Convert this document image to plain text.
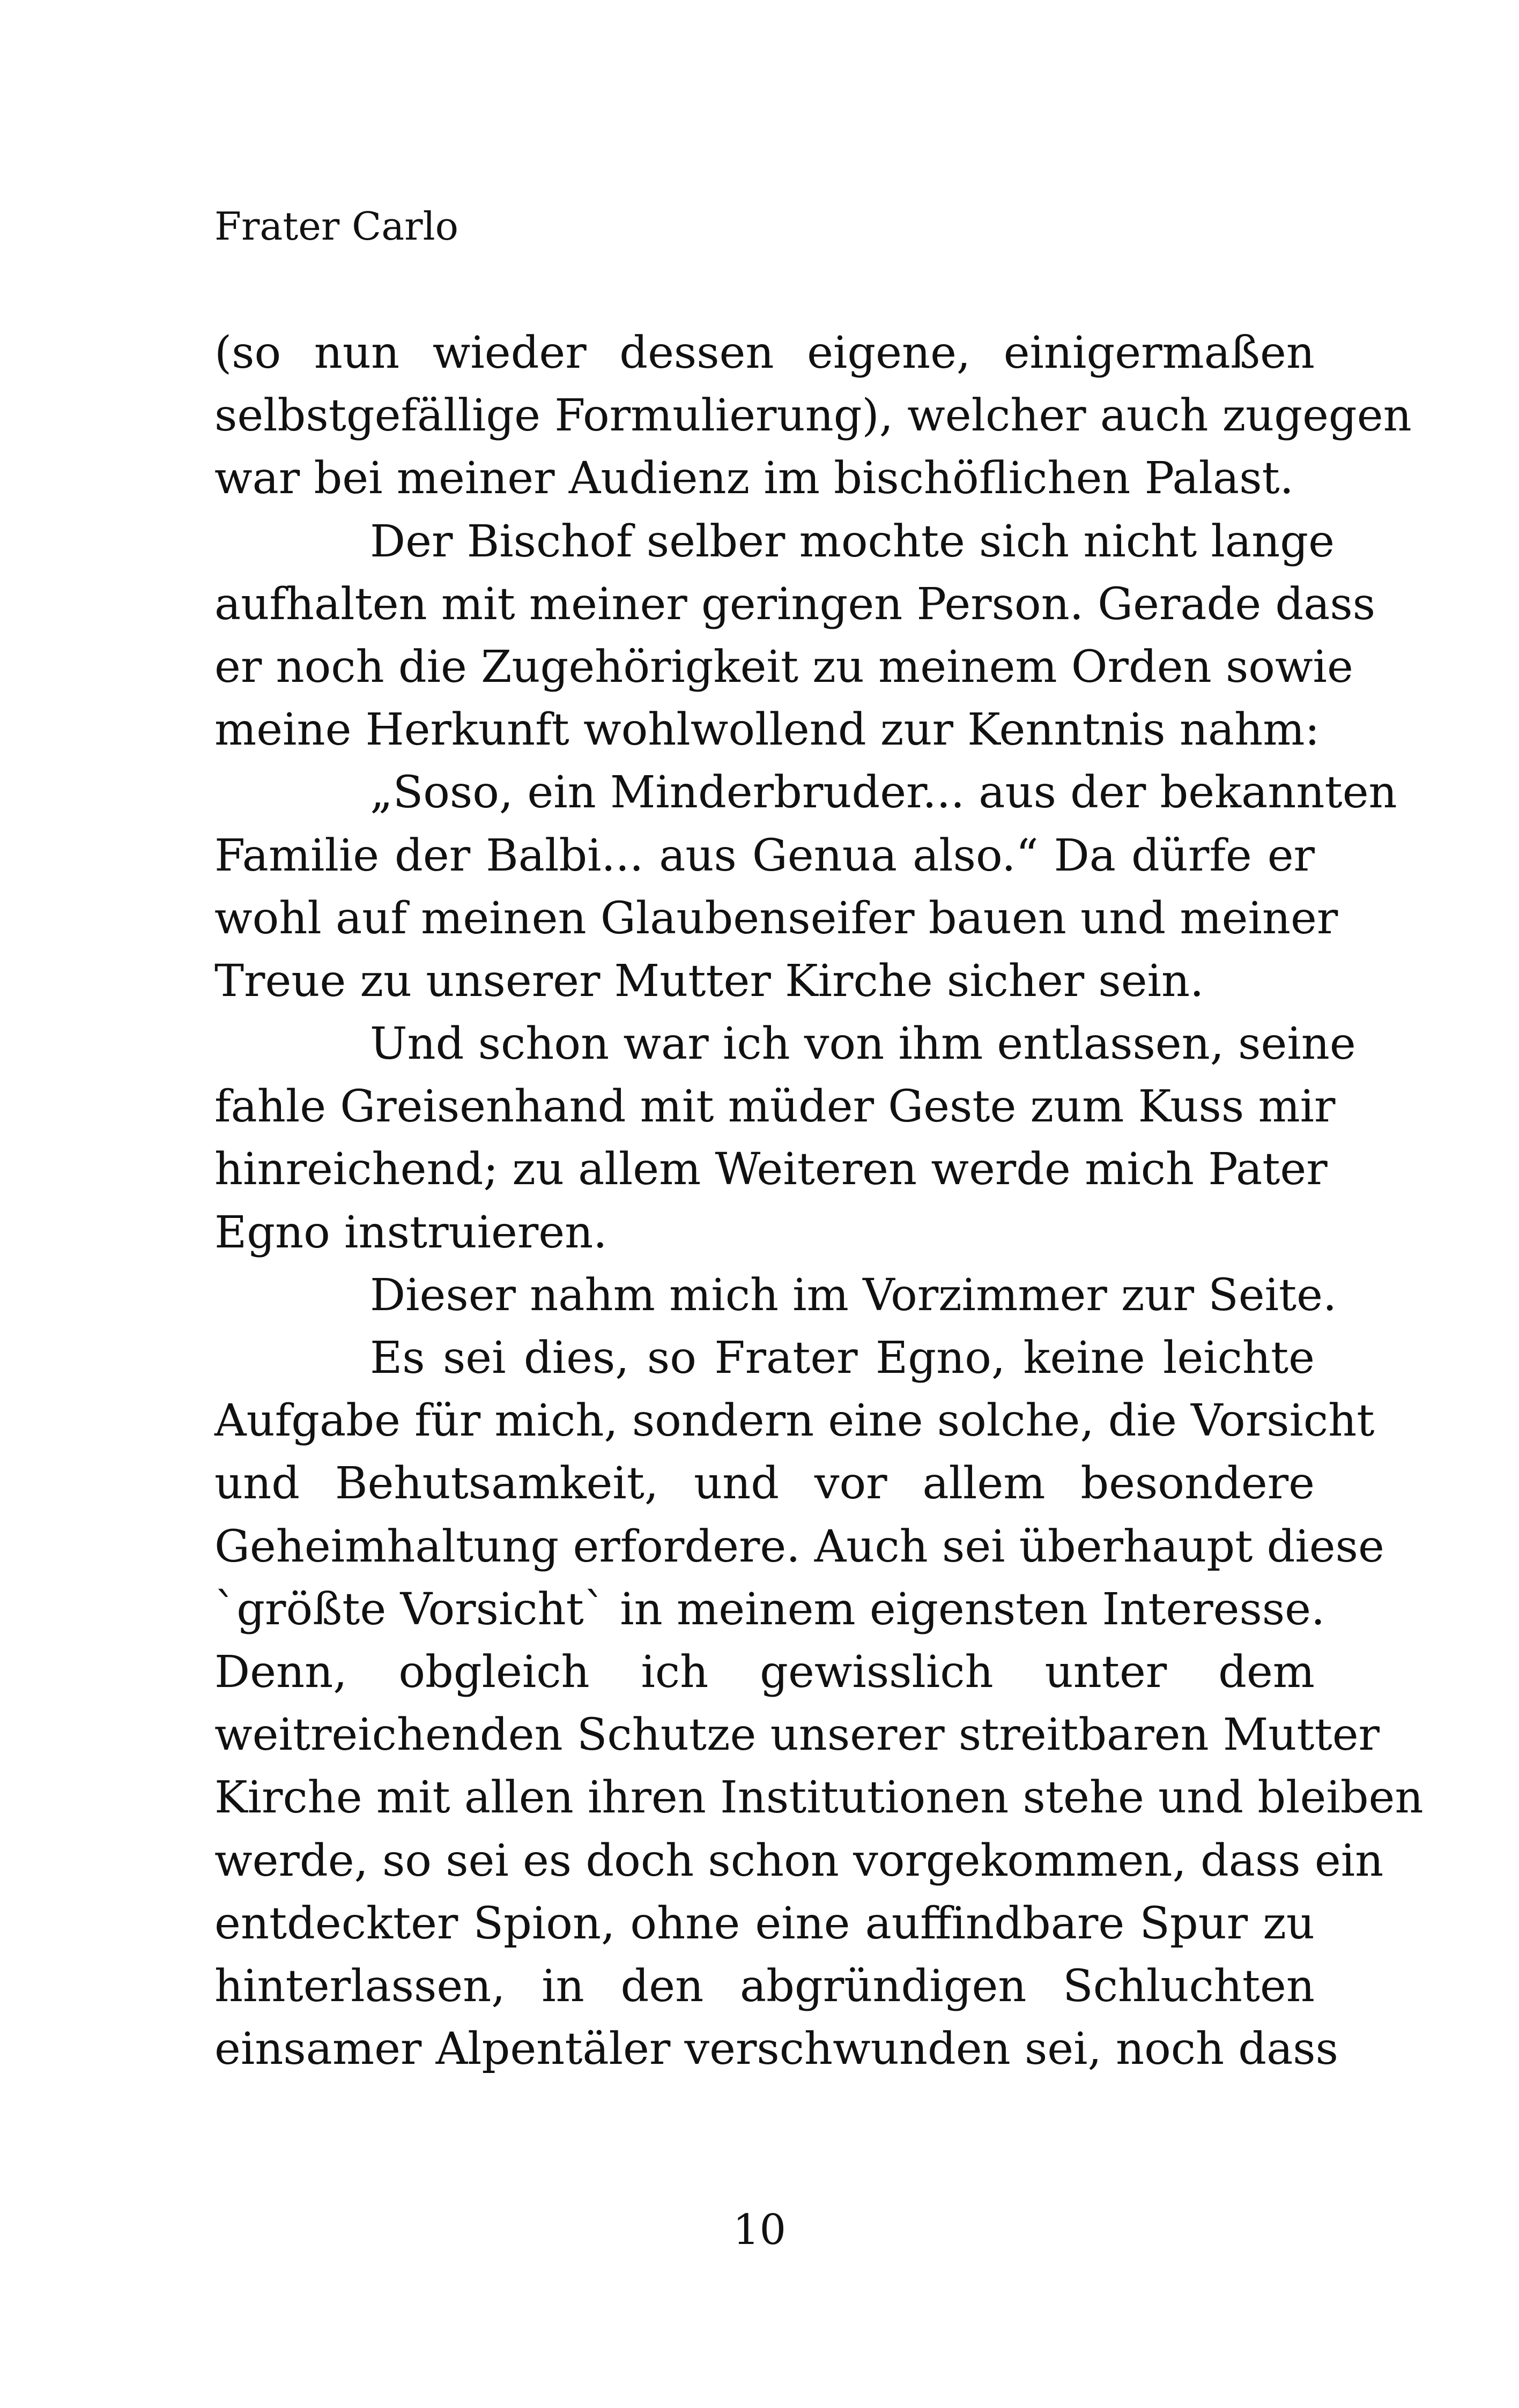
Frater Carlo

(so nun wieder dessen eigene, einigermaßen
selbstgefällige Formulierung), welcher auch zugegen
war bei meiner Audienz im bischöflichen Palast.

Der Bischof selber mochte sich nicht lange
aufhalten mit meiner geringen Person. Gerade dass
er noch die Zugehörigkeit zu meinem Orden sowie
meine Herkunft wohlwollend zur Kenntnis nahm:

„Soso, ein Minderbruder... aus der bekannten
Familie der Balbi... aus Genua also.“ Da dürfe er
wohl auf meinen Glaubenseifer bauen und meiner
Treue zu unserer Mutter Kirche sicher sein.

Und schon war ich von ihm entlassen, seine
fahle Greisenhand mit müder Geste zum Kuss mir
hinreichend; zu allem Weiteren werde mich Pater
Egno instruieren.

Dieser nahm mich im Vorzimmer zur Seite.

Es sei dies, so Frater Egno, keine leichte
Aufgabe für mich, sondern eine solche, die Vorsicht
und Behutsamkeit, und vor allem besondere
Geheimhaltung erfordere. Auch sei überhaupt diese
`größte Vorsicht` in meinem eigensten Interesse.
Denn, obgleich ich gewisslich unter dem
weitreichenden Schutze unserer streitbaren Mutter
Kirche mit allen ihren Institutionen stehe und bleiben
werde, so sei es doch schon vorgekommen, dass ein
entdeckter Spion, ohne eine auffindbare Spur zu
hinterlassen, in den abgründigen Schluchten
einsamer Alpentäler verschwunden sei, noch dass

10
